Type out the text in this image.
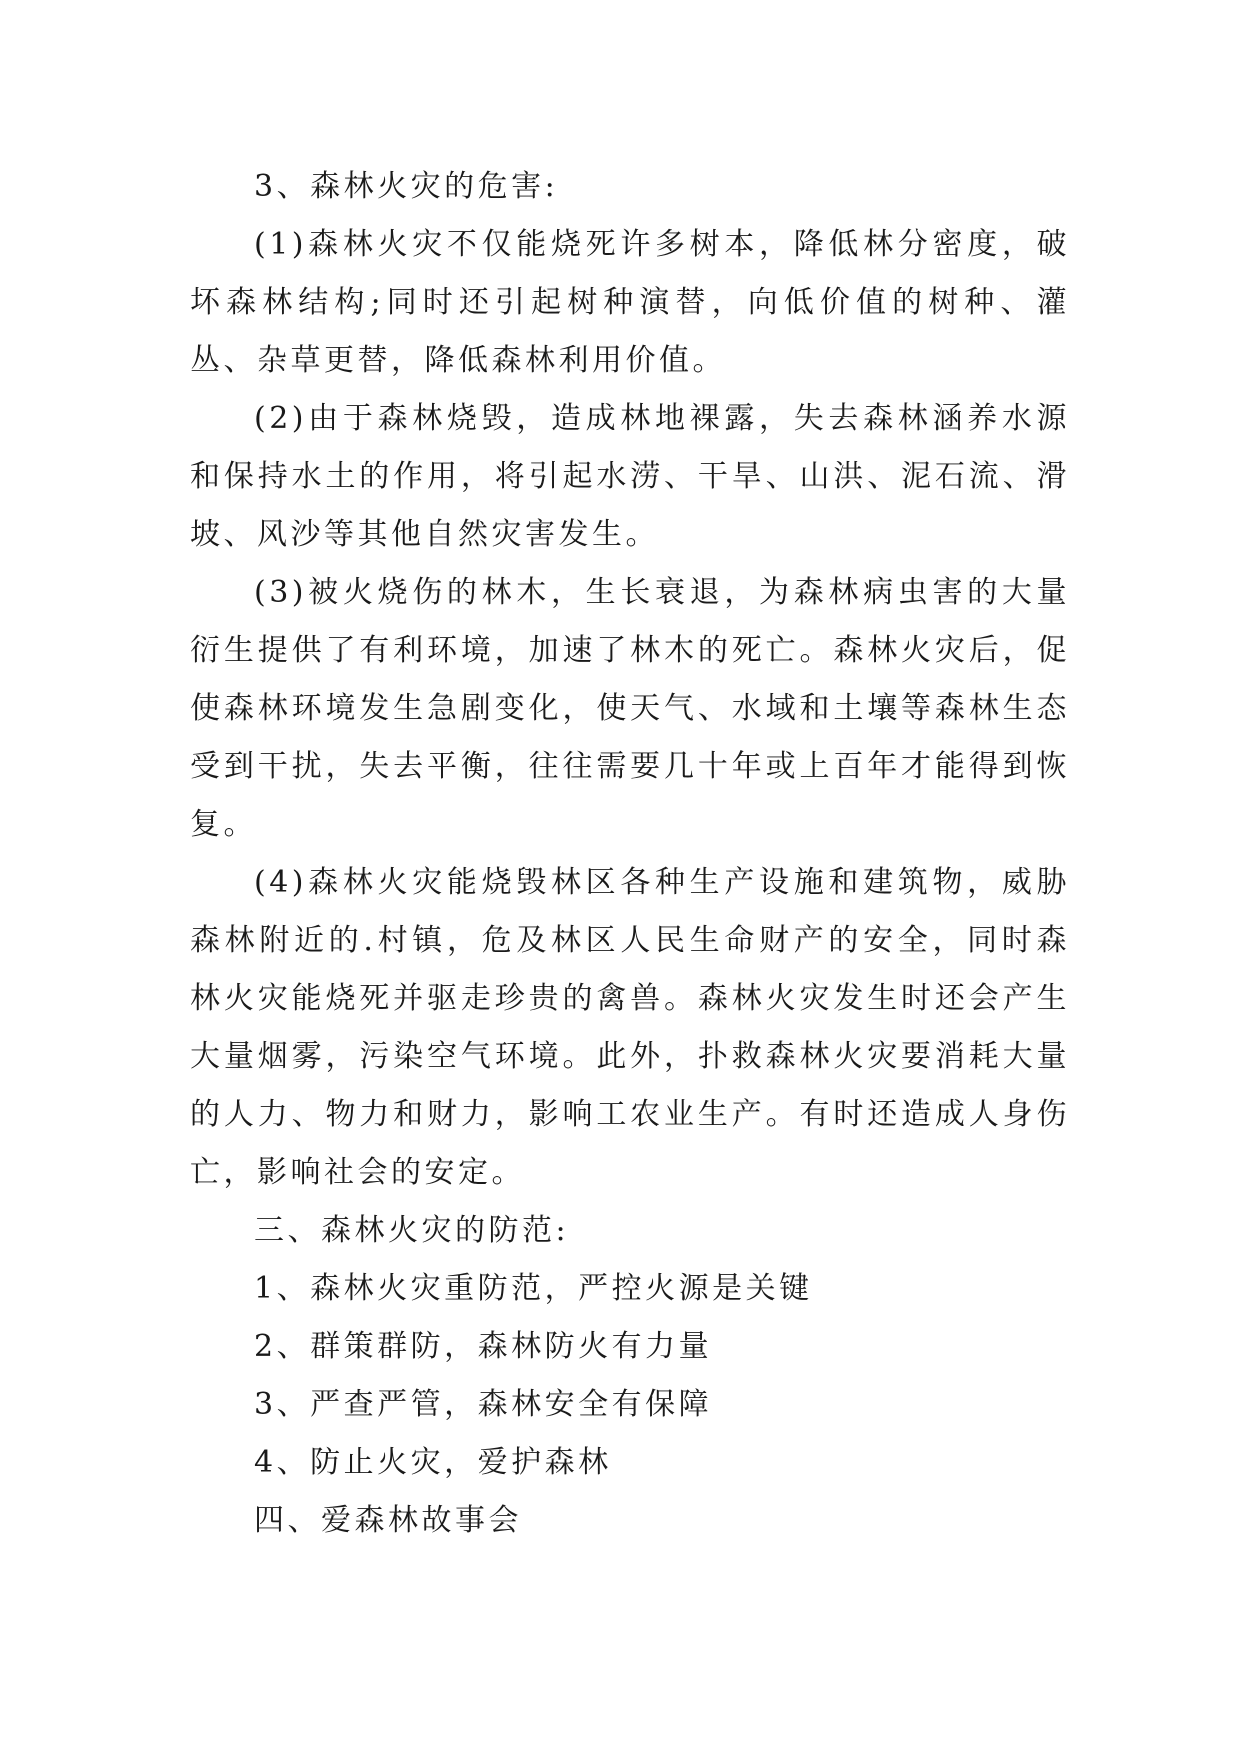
3、森林火灾的危害:

(1)森林火灾不仅能烧死许多树本，降低林分密度，破坏森林结构;同时还引起树种演替，向低价值的树种、灌丛、杂草更替，降低森林利用价值。

(2)由于森林烧毁，造成林地裸露，失去森林涵养水源和保持水土的作用，将引起水涝、干旱、山洪、泥石流、滑坡、风沙等其他自然灾害发生。

(3)被火烧伤的林木，生长衰退，为森林病虫害的大量衍生提供了有利环境，加速了林木的死亡。森林火灾后，促使森林环境发生急剧变化，使天气、水域和土壤等森林生态受到干扰，失去平衡，往往需要几十年或上百年才能得到恢复。

(4)森林火灾能烧毁林区各种生产设施和建筑物，威胁森林附近的.村镇，危及林区人民生命财产的安全，同时森林火灾能烧死并驱走珍贵的禽兽。森林火灾发生时还会产生大量烟雾，污染空气环境。此外，扑救森林火灾要消耗大量的人力、物力和财力，影响工农业生产。有时还造成人身伤亡，影响社会的安定。

三、森林火灾的防范:

1、森林火灾重防范，严控火源是关键

2、群策群防，森林防火有力量

3、严查严管，森林安全有保障

4、防止火灾，爱护森林

四、爱森林故事会
